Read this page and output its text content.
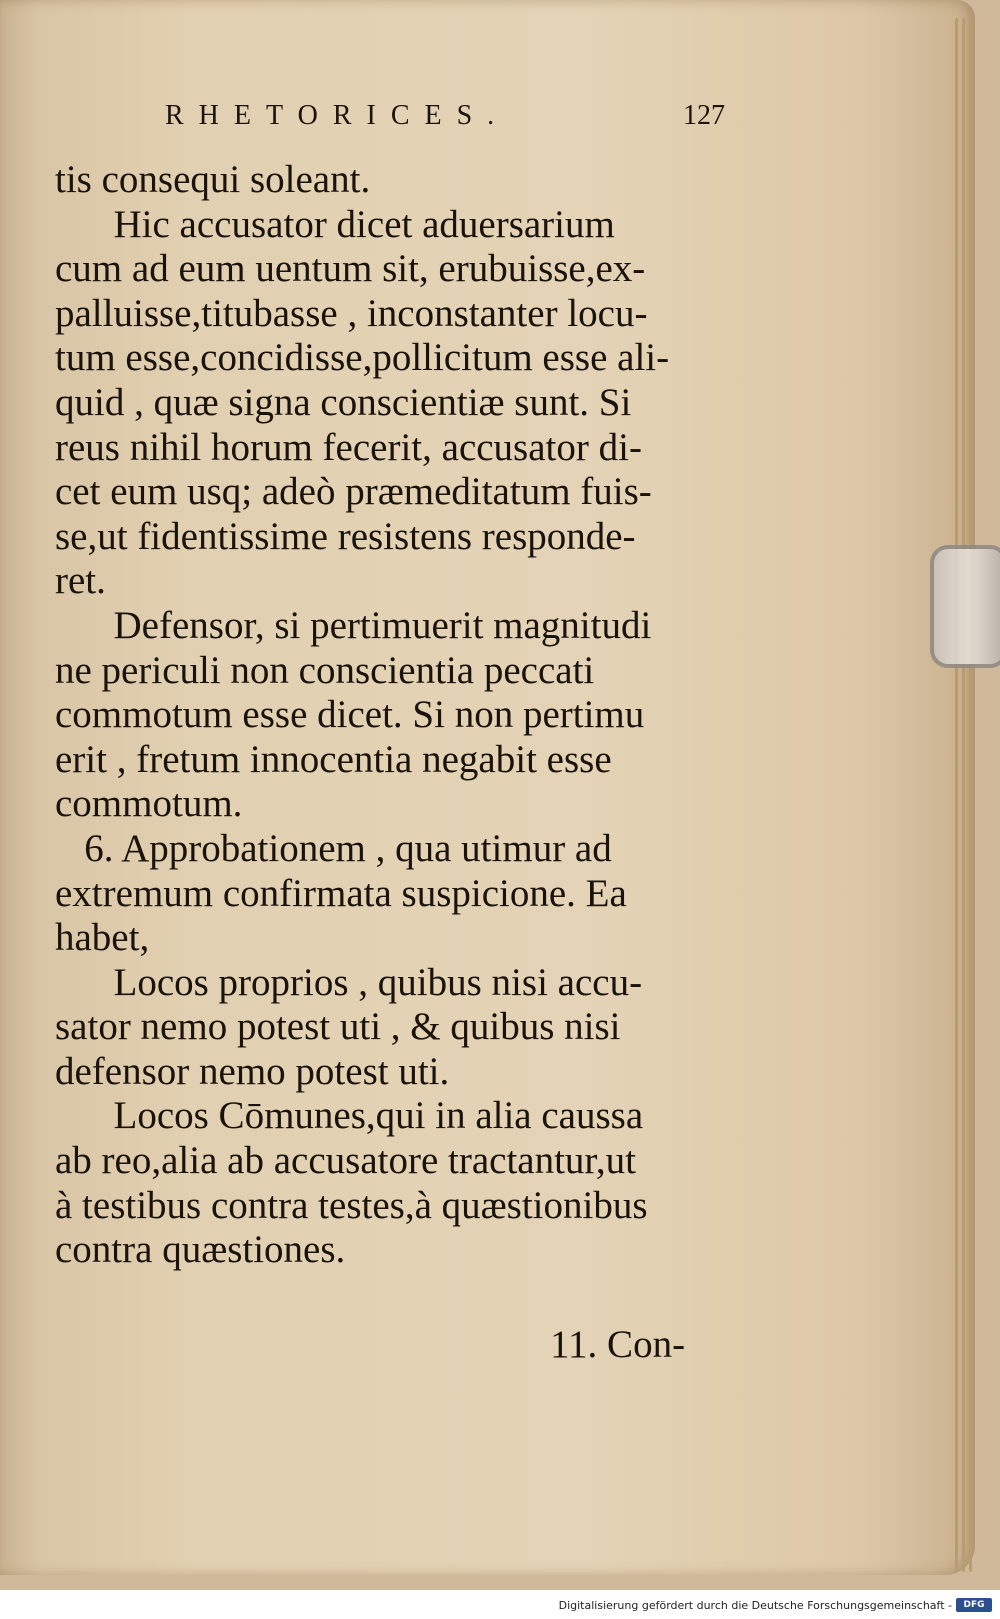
RHETORICES.	127
tis consequi soleant.
Hic accusator dicet aduersarium
cum ad eum uentum sit, erubuisse,ex-
palluisse,titubasse , inconstanter locu-
tum esse,concidisse,pollicitum esse ali-
quid , quæ signa conscientiæ sunt. Si
reus nihil horum fecerit, accusator di-
cet eum usq; adeò præmeditatum fuis-
se,ut fidentissime resistens responde-
ret.
Defensor, si pertimuerit magnitudi
ne periculi non conscientia peccati
commotum esse dicet. Si non pertimu
erit , fretum innocentia negabit esse
commotum.
6. Approbationem , qua utimur ad
extremum confirmata suspicione. Ea
habet,
Locos proprios , quibus nisi accu-
sator nemo potest uti , & quibus nisi
defensor nemo potest uti.
Locos Cōmunes,qui in alia caussa
ab reo,alia ab accusatore tractantur,ut
à testibus contra testes,à quæstionibus
contra quæstiones.
11. Con-
Digitalisierung gefördert durch die Deutsche Forschungsgemeinschaft -	DFG
